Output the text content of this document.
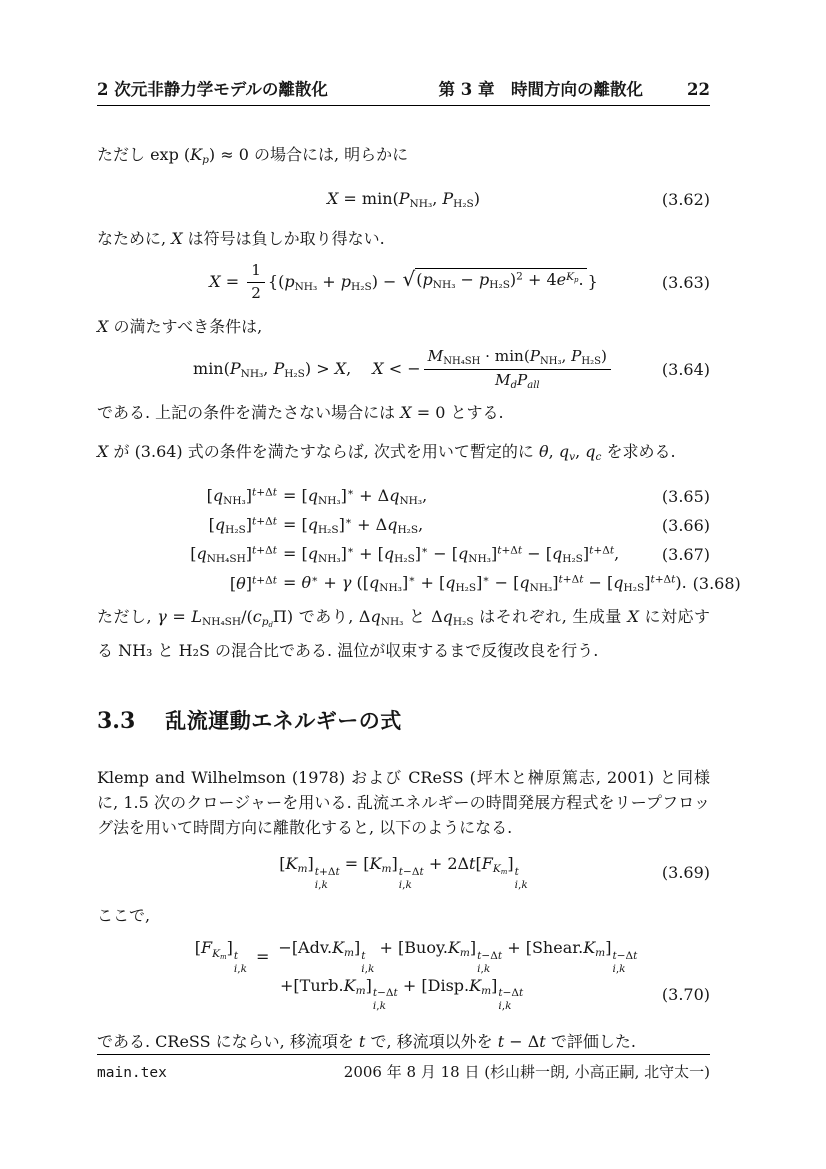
2 次元非静力学モデルの離散化	第 3 章　時間方向の離散化	22

ただし $\exp (K_p) \approx 0$ の場合には, 明らかに

$X = \min(P_{NH_3}$, $P_{H_2S}$)	(3.62)

なために, X は符号は負しか取り得ない.

$X = \frac{1}{2} \{(p_{NH_3} + p_{H_2S})$ − √ $(p_{NH_3} - p_{H_2S})^2 + 4e^{K_p}$. }	(3.63)

X の満たすべき条件は,

$\min(P_{NH_3}$, $P_{H_2S}) > X$,  X < − $\frac{M_{NH_4SH} \cdot \min(P_{NH_3}, P_{H_2S})}{M_dP_{all}}$	(3.64)

である. 上記の条件を満たさない場合には X = 0 とする.

X が (3.64) 式の条件を満たすならば, 次式を用いて暫定的に θ, $q_v$, $q_c$ を求める.

$[q_{NH_3}]^{t+\Delta t} = [q_{NH_3}]^∗ + \Delta q_{NH_3}$,	(3.65)
$[q_{H_2S}]^{t+\Delta t} = [q_{H_2S}]^∗ + \Delta q_{H_2S}$,	(3.66)
$[q_{NH_4SH}]^{t+\Delta t} = [q_{NH_3}]^∗ + [q_{H_2S}]^∗ - [q_{NH_3}]^{t+\Delta t} - [q_{H_2S}]^{t+\Delta t}$,	(3.67)
$[\theta]^{t+\Delta t} = \theta^∗ + \gamma$ $([q_{NH_3}]^∗ + [q_{H_2S}]^∗ - [q_{NH_3}]^{t+\Delta t} - [q_{H_2S}]^{t+\Delta t})$. (3.68)

ただし, $\gamma = L_{NH_4SH}/(c_{p_d}\Pi)$ であり, $\Delta q_{NH_3}$ と $\Delta q_{H_2S}$ はそれぞれ, 生成量 X に対応する NH₃ と H₂S の混合比である. 温位が収束するまで反復改良を行う.

3.3 乱流運動エネルギーの式

Klemp and Wilhelmson (1978) および CReSS (坪木と榊原篤志, 2001) と同様に, 1.5 次のクロージャーを用いる. 乱流エネルギーの時間発展方程式をリープフロッグ法を用いて時間方向に離散化すると, 以下のようになる.

$[K_m]$ t+Δt
i,k
= $[K_m]$ t−Δt
i,k
+ $2\Delta t[F_{K_m}]$ t
i,k
(3.69)

ここで,

$[F_{K_m}]$ t
i,k
= $-[Adv.K_m]$ t
i,k
+ $[Buoy.K_m]$ t−Δt
i,k
+ $[Shear.K_m]$ t−Δt
i,k
$+[Turb.K_m]$ t−Δt
i,k
+ $[Disp.K_m]$ t−Δt
i,k
(3.70)

である. CReSS にならい, 移流項を t で, 移流項以外を t − Δt で評価した.

main.tex	2006 年 8 月 18 日 (杉山耕一朗, 小高正嗣, 北守太一)
